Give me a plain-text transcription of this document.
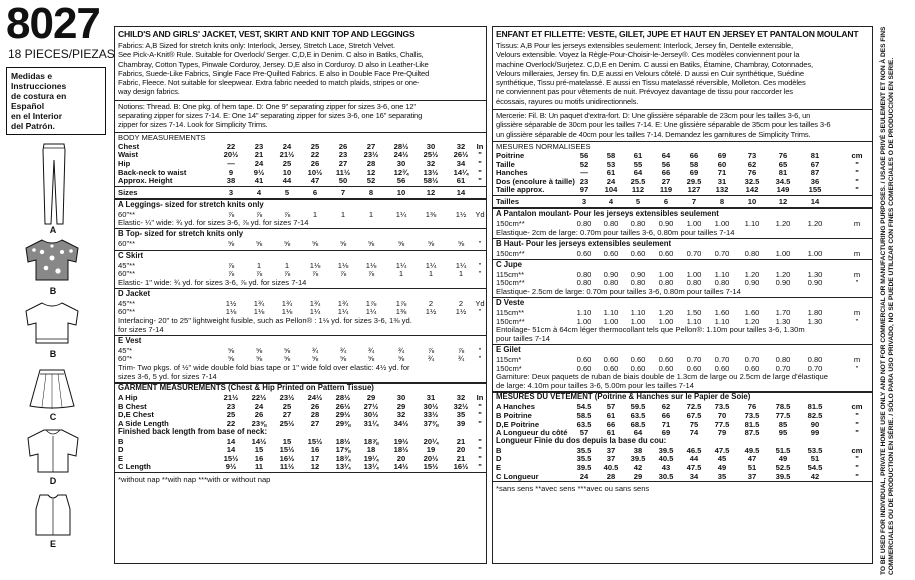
8027
18 PIECES/PIEZAS
Medidas e Instrucciones
de costura en Español
en el Interior
del Patrón.
A
B
B
C
D
E
CHILD'S AND GIRLS' JACKET, VEST, SKIRT AND KNIT TOP AND LEGGINGS
Fabrics: A,B Sized for stretch knits only: Interlock, Jersey, Stretch Lace, Stretch Velvet.
See Pick-A-Knit® Rule. Suitable for Overlock/ Serger. C,D,E in Denim. C also in Batiks, Challis,
Chambray, Cotton Types, Pinwale Corduroy, Jersey. D,E also in Corduroy. D also in Leather-Like
Fabrics, Suede-Like Fabrics, Single Face Pre-Quilted Fabrics. E also in Double Face Pre-Quilted
Fabric, Fleece. Not suitable for sleepwear. Extra fabric needed to match plaids, stripes or one-
way design fabrics.
Notions: Thread. B: One pkg. of hem tape. D: One 9" separating zipper for sizes 3-6, one 12"
separating zipper for sizes 7-14. E: One 14" separating zipper for sizes 3-6, one 16" separating
zipper for sizes 7-14. Look for Simplicity Trims.
BODY MEASUREMENTS
Chest	22	23	24	25	26	27	28½	30	32	In
Waist	20½	21	21½	22	23	23½ 24½ 25½ 26½	"
Hip	—	24	25	26	27	28	30	32	34	"
Back-neck to waist	9	9½	10	10½ 11½	12	12¾ 13½ 14¼	"
Approx. Height	38	41	44	47	50	52	56	58½	61	"
Sizes	3	4	5	6	7	8	10	12	14
A Leggings- sized for stretch knits only
60"**	⅞	⅞	⅞	1	1	1	1¼	1⅜	1½	Yd
Elastic- ¼" wide: ¾ yd. for sizes 3-6, ⅞ yd. for sizes 7-14
B Top- sized for stretch knits only
60"**	⅝	⅝	⅝	⅝	⅝	⅝	⅝	⅝	⅝	"
C Skirt
45"**	⅞	1	1	1⅛	1⅛	1⅛	1¼	1¼	1¼	"
60"**	⅞	⅞	⅞	⅞	⅞	⅞	1	1	1	"
Elastic- 1" wide: ¾ yd. for sizes 3-6, ⅞ yd. for sizes 7-14
D Jacket
45"**	1½	1¾	1¾	1¾	1¾	1⅞	1⅞	2	2	Yd
60"**	1⅛	1⅛	1⅛	1¼	1¼	1¼	1⅜	1½	1½	"
Interfacing- 20" to 25" lightweight fusible, such as Pellon® : 1⅛ yd. for sizes 3-6, 1⅜ yd.
for sizes 7-14
E Vest
45"*	⅝	⅝	⅝	¾	¾	¾	¾	⅞	⅞	"
60"*	⅝	⅝	⅝	⅝	⅝	⅝	⅝	¾	¾	"
Trim- Two pkgs. of ½" wide double fold bias tape or 1" wide fold over elastic: 4½ yd. for
sizes 3-6, 5 yd. for sizes 7-14
GARMENT MEASUREMENTS (Chest & Hip Printed on Pattern Tissue)
A Hip	21½ 22½ 23½ 24½ 28½	29	30	31	32	In
B Chest	23	24	25	26	26½ 27½	29	30½ 32½	"
D,E Chest	25	26	27	28	29½ 30½	32	33½	35	"
A Side Length	22	23⅝ 25½	27	29⅜ 31¼ 34½ 37⅜	39	"
Finished back length from base of neck:
B	14	14½	15	15½ 18½ 18⅞ 19½ 20¼	21	"
D	14	15	15½	16	17⅝	18	18½	19	20	"
E	15½	16	16½	17	18¾ 19¼	20	20½	21	"
C Length	9½	11	11½	12	13¼ 13¼ 14½ 15½ 16½	"
*without nap **with nap ***with or without nap
ENFANT ET FILLETTE: VESTE, GILET, JUPE ET HAUT EN JERSEY ET PANTALON MOULANT
Tissus: A,B Pour les jerseys extensibles seulement: Interlock, Jersey fin, Dentelle extensible,
Velours extensible. Voyez la Règle-Pour-Choisir-le-Jersey®. Ces modèles conviennent pour la
machine Overlock/Surjetez. C,D,E en Denim. C aussi en Batiks, Étamine, Chambray, Cotonnades,
Velours milleraies, Jersey fin. D,E aussi en Velours côtelé. D aussi en Cuir synthétique, Suédine
synthétique, Tissu pré-matelassé. E aussi en Tissu matelassé réversible, Molleton. Ces modèles
ne conviennent pas pour vêtements de nuit. Prévoyez davantage de tissu pour raccorder les
écossais, rayures ou motifs unidirectionnels.
Mercerie: Fil. B: Un paquet d'extra-fort. D: Une glissière séparable de 23cm pour les tailles 3-6, un
glissière séparable de 30cm pour les tailles 7-14. E: Une glissière séparable de 35cm pour les tailles 3-6
un glissière séparable de 40cm pour les tailles 7-14. Demandez les garnitures de Simplicity Trims.
MESURES NORMALISEES
Poitrine	56	58	61	64	66	69	73	76	81	cm
Taille	52	53	55	56	58	60	62	65	67	"
Hanches	—	61	64	66	69	71	76	81	87	"
Dos (encolure à taille) 23	24	25.5	27	29.5	31	32.5 34.5	36	"
Taille approx.	97	104	112	119	127	132	142	149	155	"
Tailles	3	4	5	6	7	8	10	12	14
A Pantalon moulant- Pour les jerseys extensibles seulement
150cm**	0.80 0.80 0.80 0.90 1.00 1.00 1.10 1.20 1.20	m
Elastique- 2cm de large: 0.70m pour tailles 3-6, 0.80m pour tailles 7-14
B Haut- Pour les jerseys extensibles seulement
150cm**	0.60 0.60 0.60 0.60 0.70 0.70 0.80 1.00 1.00	m
C Jupe
115cm**	0.80 0.90 0.90 1.00 1.00 1.10 1.20 1.20 1.30	m
150cm**	0.80 0.80 0.80 0.80 0.80 0.80 0.90 0.90 0.90	"
Elastique- 2.5cm de large: 0.70m pour tailles 3-6, 0.80m pour tailles 7-14
D Veste
115cm**	1.10 1.10 1.10 1.20 1.50 1.60 1.60 1.70 1.80	m
150cm**	1.00 1.00 1.00 1.00 1.10 1.10 1.20 1.30 1.30	"
Entoilage- 51cm à 64cm léger thermocollant tels que Pellon®: 1.10m pour tailles 3-6, 1.30m
pour tailles 7-14
E Gilet
115cm*	0.60 0.60 0.60 0.60 0.70 0.70 0.70 0.80 0.80	m
150cm*	0.60 0.60 0.60 0.60 0.60 0.60 0.60 0.70 0.70	"
Garniture: Deux paquets de ruban de biais double de 1.3cm de large ou 2.5cm de large d'élastique
de large: 4.10m pour tailles 3-6, 5.00m pour les tailles 7-14
MESURES DU VÊTEMENT (Poitrine & Hanches sur le Papier de Soie)
A Hanches	54.5	57	59.5	62	72.5 73.5	76	78.5 81.5	cm
B Poitrine	58.5	61	63.5	66	67.5	70	73.5 77.5 82.5	"
D,E Poitrine	63.5	66	68.5	71	75	77.5 81.5	85	90	"
A Longueur du côté	57	61	64	69	74	79	87.5	95	99	"
Longueur Finie du dos depuis la base du cou:
B	35.5	37	38	39.5 46.5 47.5 49.5 51.5 53.5	cm
D	35.5	37	39.5 40.5	44	45	47	49	51	"
E	39.5 40.5	42	43	47.5	49	51	52.5 54.5	"
C Longueur	24	28	29	30.5	34	35	37	39.5	42	"
*sans sens **avec sens ***avec ou sans sens	TO BE USED FOR INDIVIDUAL, PRIVATE HOME USE ONLY AND NOT FOR COMMERCIAL OR MANUFACTURING PURPOSES. / USAGE PRIVÉ SEULEMENT ET NON À DES FINS COMMERCIALES OU DE PRODUCTION EN SÉRIE. / SÓLO PARA USO PRIVADO, NO SE PUEDE UTILIZAR CON FINES COMERCIALES O DE PRODUCCIÓN EN SERIE.
